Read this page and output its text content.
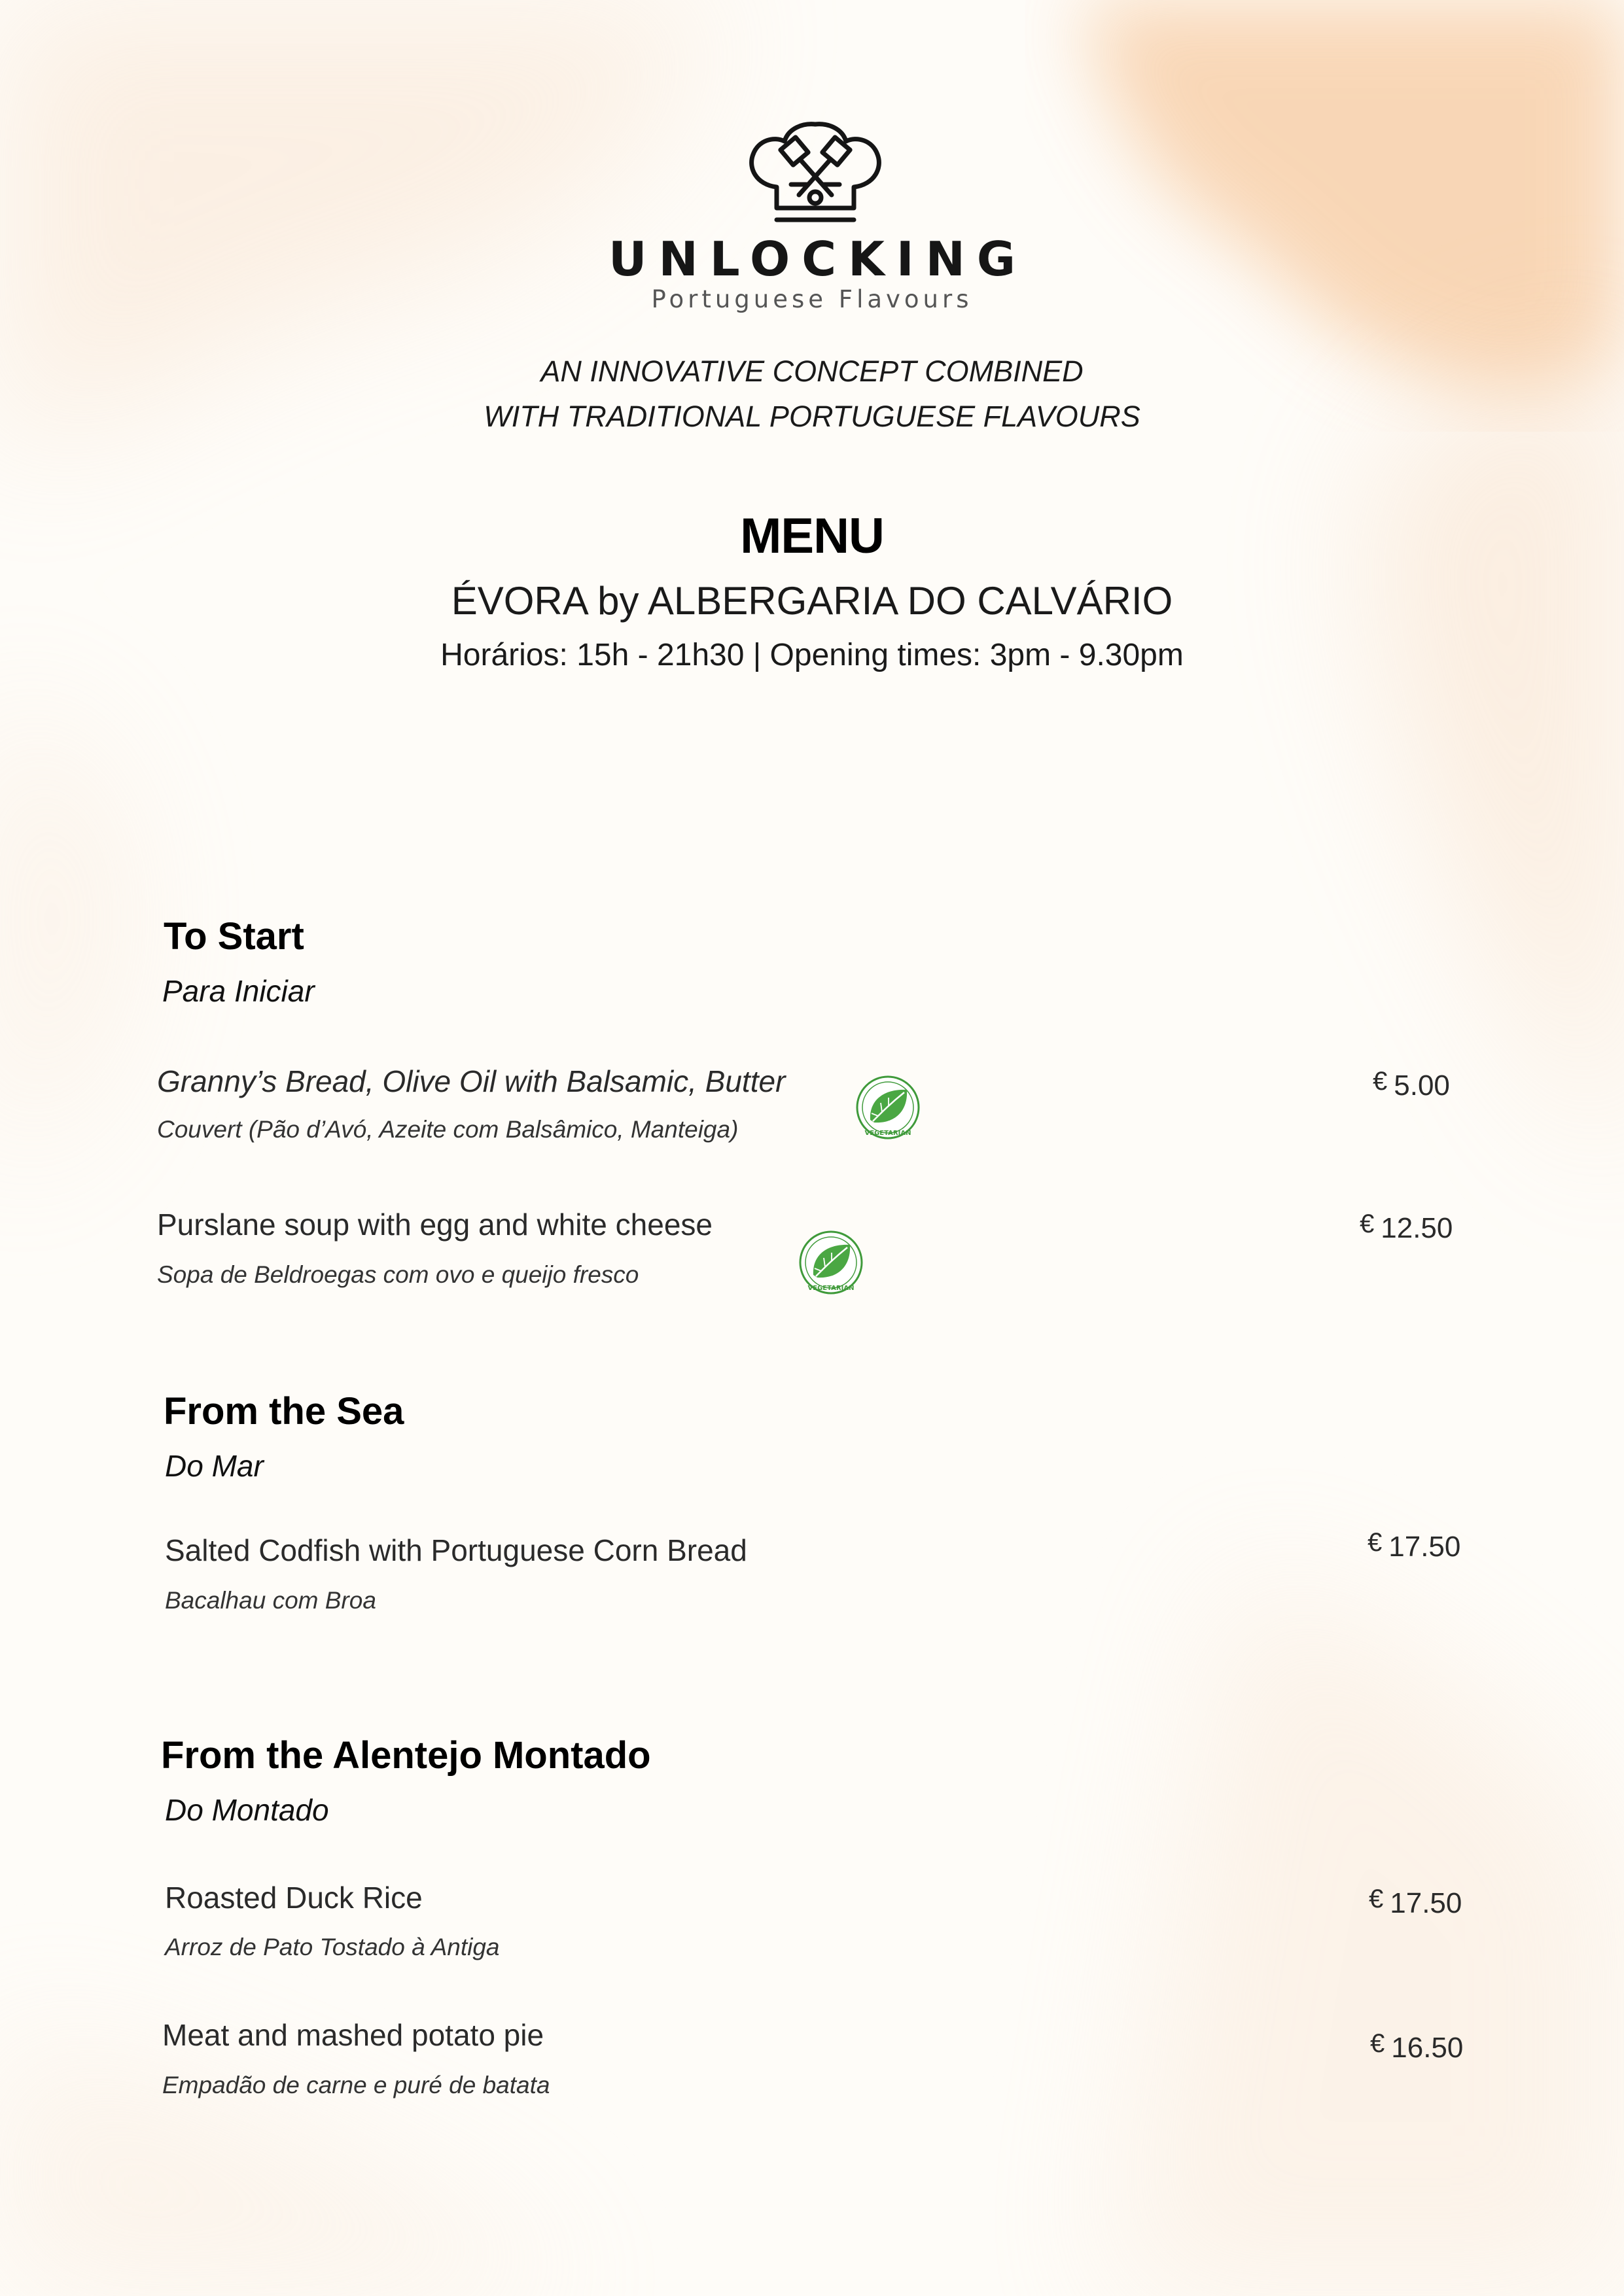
UNLOCKING
Portuguese Flavours
AN INNOVATIVE CONCEPT COMBINED
WITH TRADITIONAL PORTUGUESE FLAVOURS
MENU
ÉVORA by ALBERGARIA DO CALVÁRIO
Horários: 15h - 21h30 | Opening times: 3pm - 9.30pm
To Start
Para Iniciar
Granny’s Bread, Olive Oil with Balsamic, Butter
Couvert (Pão d’Avó, Azeite com Balsâmico, Manteiga)
€ 5.00
VEGETARIAN
Purslane soup with egg and white cheese
Sopa de Beldroegas com ovo e queijo fresco
€ 12.50
VEGETARIAN
From the Sea
Do Mar
Salted Codfish with Portuguese Corn Bread
Bacalhau com Broa
€ 17.50
From the Alentejo Montado
Do Montado
Roasted Duck Rice
Arroz de Pato Tostado à Antiga
€ 17.50
Meat and mashed potato pie
Empadão de carne e puré de batata
€ 16.50
